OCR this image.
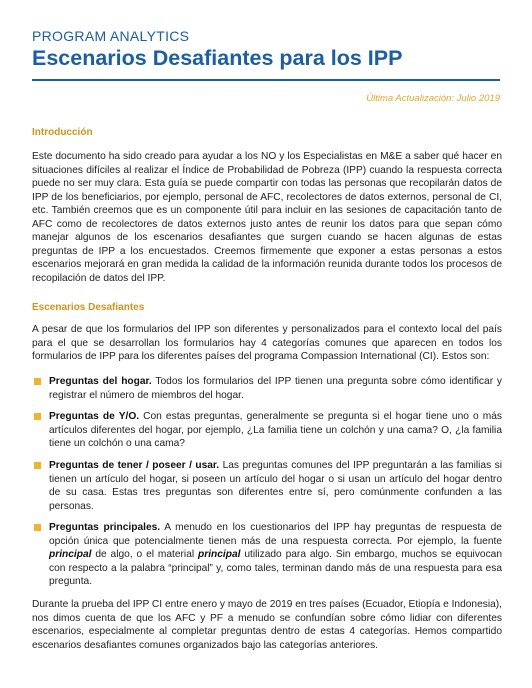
PROGRAM ANALYTICS
Escenarios Desafiantes para los IPP
Última Actualización: Julio 2019
Introducción

Este documento ha sido creado para ayudar a los NO y los Especialistas en M&E a saber qué hacer en situaciones difíciles al realizar el Índice de Probabilidad de Pobreza (IPP) cuando la respuesta correcta puede no ser muy clara. Esta guía se puede compartir con todas las personas que recopilarán datos de IPP de los beneficiarios, por ejemplo, personal de AFC, recolectores de datos externos, personal de CI, etc. También creemos que es un componente útil para incluir en las sesiones de capacitación tanto de AFC como de recolectores de datos externos justo antes de reunir los datos para que sepan cómo manejar algunos de los escenarios desafiantes que surgen cuando se hacen algunas de estas preguntas de IPP a los encuestados. Creemos firmemente que exponer a estas personas a estos escenarios mejorará en gran medida la calidad de la información reunida durante todos los procesos de recopilación de datos del IPP.

Escenarios Desafiantes

A pesar de que los formularios del IPP son diferentes y personalizados para el contexto local del país para el que se desarrollan los formularios hay 4 categorías comunes que aparecen en todos los formularios de IPP para los diferentes países del programa Compassion International (CI). Estos son:

Preguntas del hogar. Todos los formularios del IPP tienen una pregunta sobre cómo identificar y registrar el número de miembros del hogar.
Preguntas de Y/O. Con estas preguntas, generalmente se pregunta si el hogar tiene uno o más artículos diferentes del hogar, por ejemplo, ¿La familia tiene un colchón y una cama? O, ¿la familia tiene un colchón o una cama?
Preguntas de tener / poseer / usar. Las preguntas comunes del IPP preguntarán a las familias si tienen un artículo del hogar, si poseen un artículo del hogar o si usan un artículo del hogar dentro de su casa. Estas tres preguntas son diferentes entre sí, pero comúnmente confunden a las personas.
Preguntas principales. A menudo en los cuestionarios del IPP hay preguntas de respuesta de opción única que potencialmente tienen más de una respuesta correcta. Por ejemplo, la fuente principal de algo, o el material principal utilizado para algo. Sin embargo, muchos se equivocan con respecto a la palabra “principal” y, como tales, terminan dando más de una respuesta para esa pregunta.

Durante la prueba del IPP CI entre enero y mayo de 2019 en tres países (Ecuador, Etiopía e Indonesia), nos dimos cuenta de que los AFC y PF a menudo se confundían sobre cómo lidiar con diferentes escenarios, especialmente al completar preguntas dentro de estas 4 categorías. Hemos compartido escenarios desafiantes comunes organizados bajo las categorías anteriores.
